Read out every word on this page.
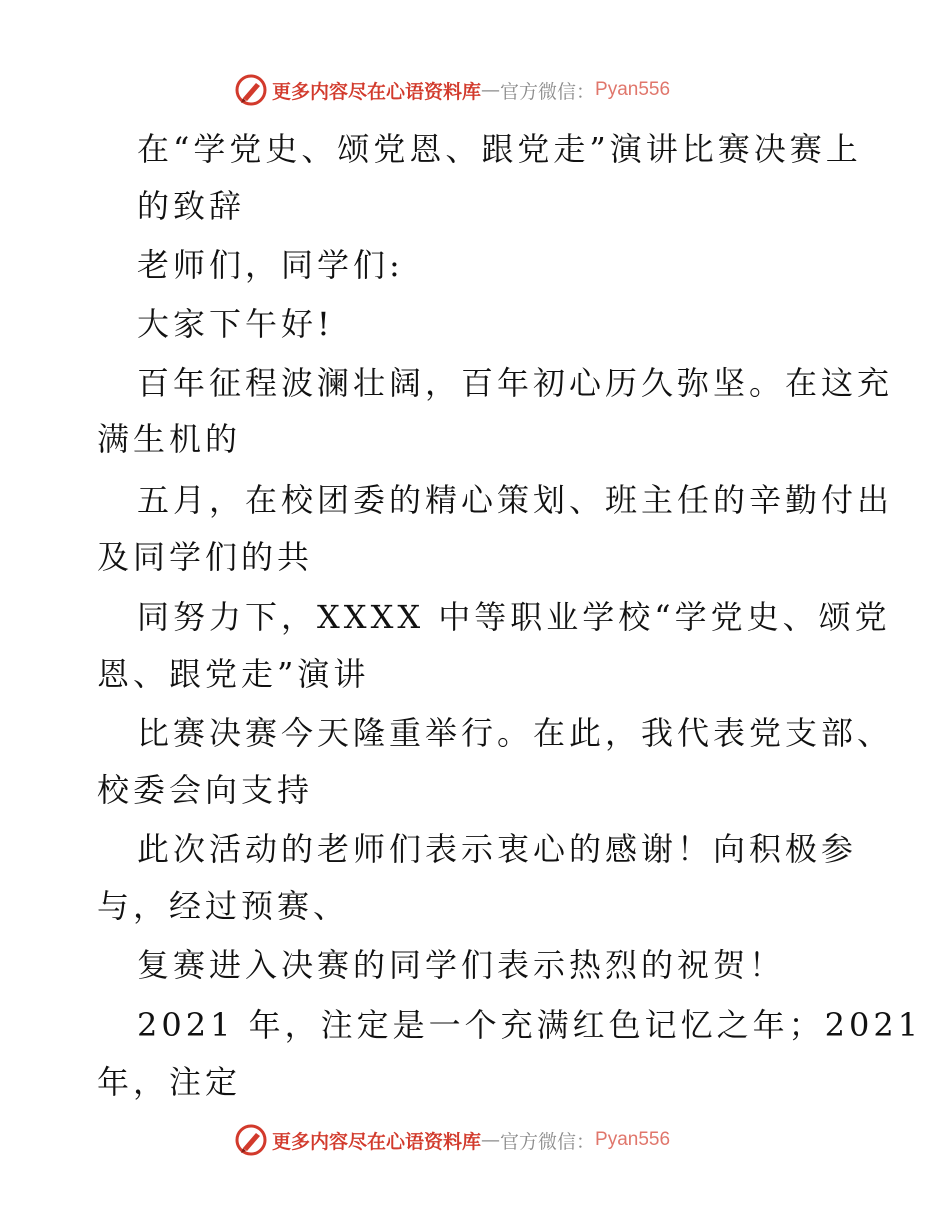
更多内容尽在心语资料库 — 官方微信： Pyan556
在“学党史、颂党恩、跟党走”演讲比赛决赛上
的致辞
老师们，同学们:
大家下午好!
百年征程波澜壮阔，百年初心历久弥坚。在这充
满生机的
五月，在校团委的精心策划、班主任的辛勤付出
及同学们的共
同努力下，XXXX 中等职业学校“学党史、颂党
恩、跟党走”演讲
比赛决赛今天隆重举行。在此，我代表党支部、
校委会向支持
此次活动的老师们表示衷心的感谢！向积极参
与，经过预赛、
复赛进入决赛的同学们表示热烈的祝贺！
2021 年，注定是一个充满红色记忆之年；2021
年，注定
更多内容尽在心语资料库 — 官方微信： Pyan556
